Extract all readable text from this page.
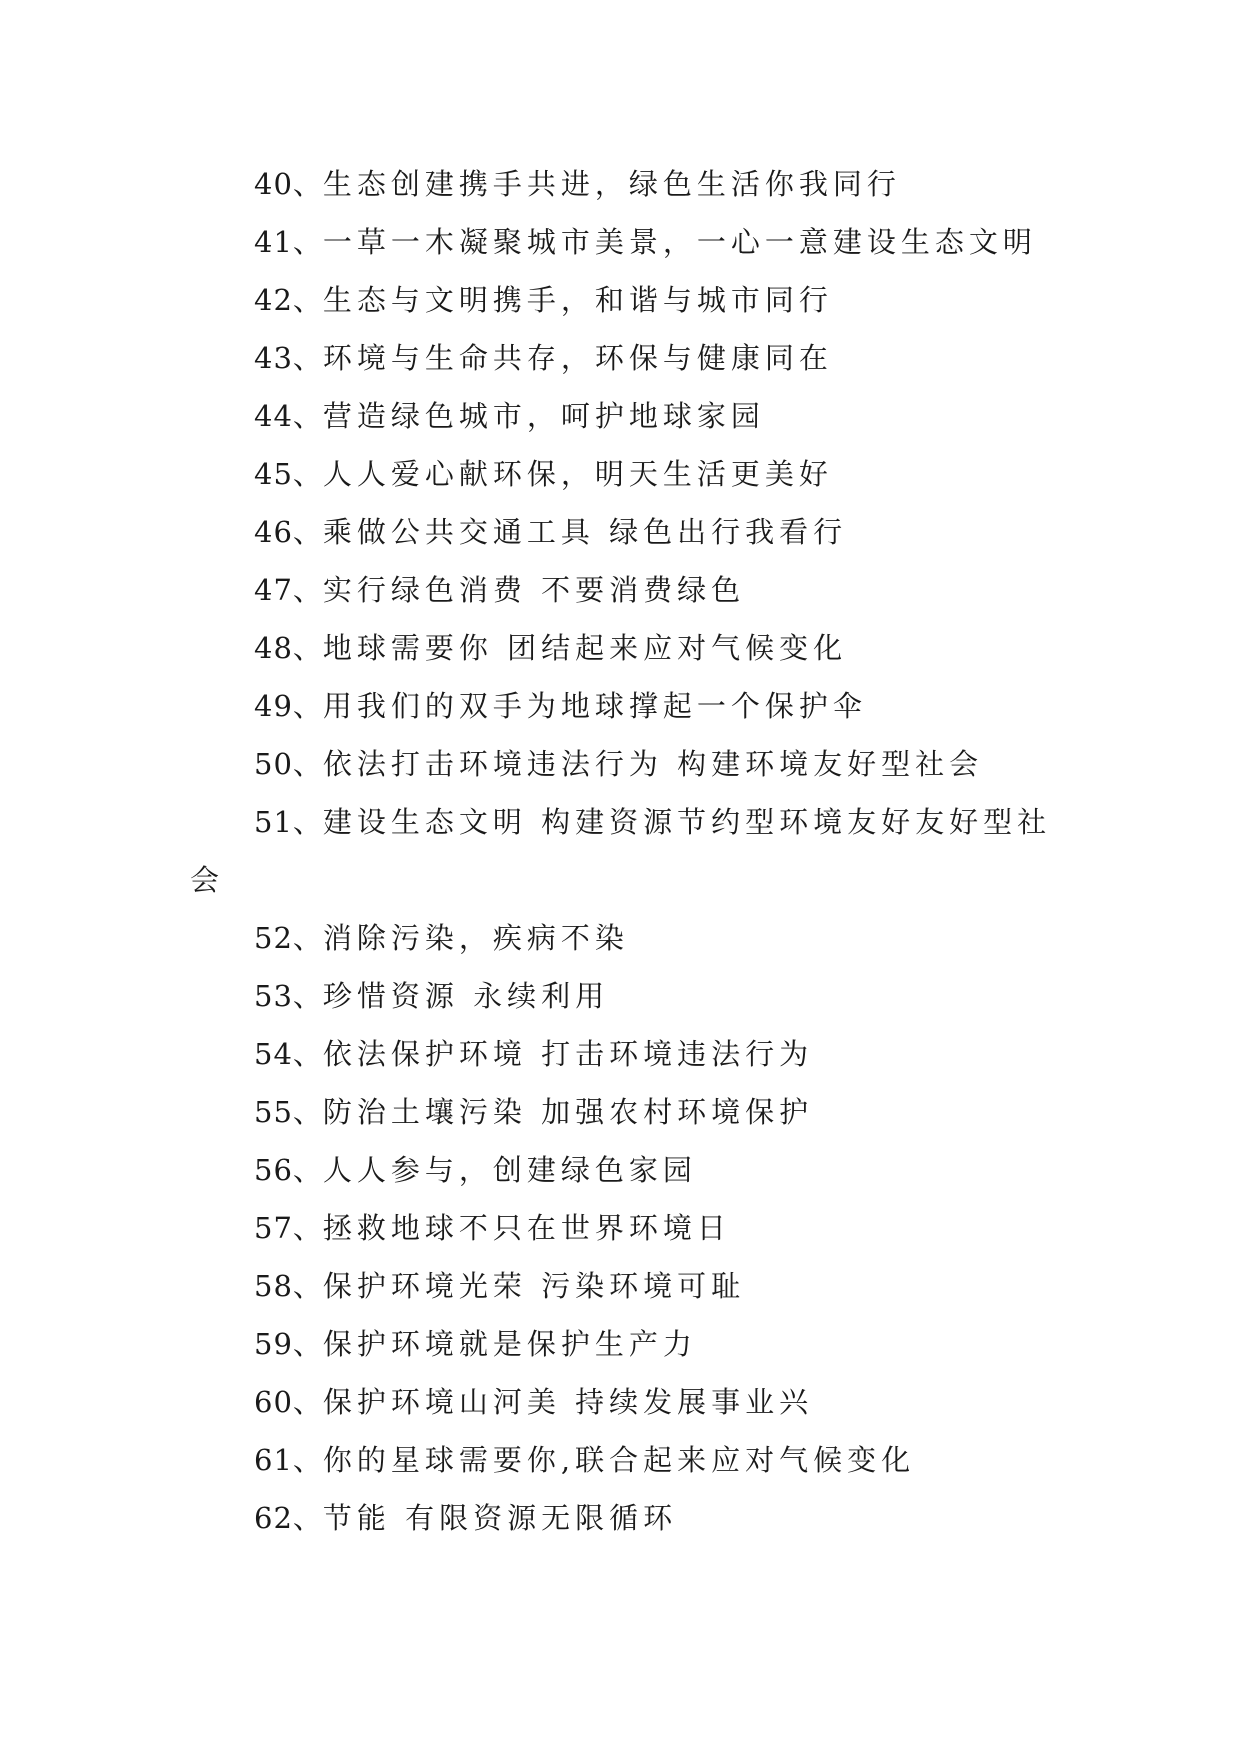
40、生态创建携手共进，绿色生活你我同行
41、一草一木凝聚城市美景，一心一意建设生态文明
42、生态与文明携手，和谐与城市同行
43、环境与生命共存，环保与健康同在
44、营造绿色城市，呵护地球家园
45、人人爱心献环保，明天生活更美好
46、乘做公共交通工具 绿色出行我看行
47、实行绿色消费 不要消费绿色
48、地球需要你 团结起来应对气候变化
49、用我们的双手为地球撑起一个保护伞
50、依法打击环境违法行为 构建环境友好型社会
51、建设生态文明 构建资源节约型环境友好友好型社
会
52、消除污染，疾病不染
53、珍惜资源 永续利用
54、依法保护环境 打击环境违法行为
55、防治土壤污染 加强农村环境保护
56、人人参与，创建绿色家园
57、拯救地球不只在世界环境日
58、保护环境光荣 污染环境可耻
59、保护环境就是保护生产力
60、保护环境山河美 持续发展事业兴
61、你的星球需要你,联合起来应对气候变化
62、节能 有限资源无限循环
